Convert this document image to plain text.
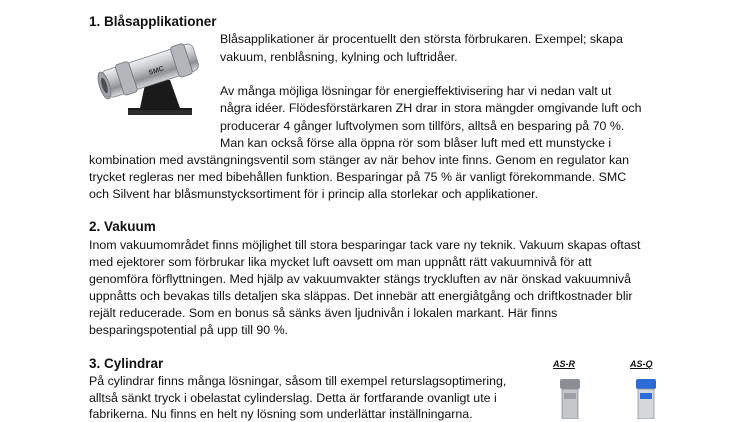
1. Blåsapplikationer
SMC
Blåsapplikationer är procentuellt den största förbrukaren. Exempel; skapa
vakuum, renblåsning, kylning och luftridåer.
Av många möjliga lösningar för energieffektivisering har vi nedan valt ut
några idéer. Flödesförstärkaren ZH drar in stora mängder omgivande luft och
producerar 4 gånger luftvolymen som tillförs, alltså en besparing på 70 %.
Man kan också förse alla öppna rör som blåser luft med ett munstycke i
kombination med avstängningsventil som stänger av när behov inte finns. Genom en regulator kan
trycket regleras ner med bibehållen funktion. Besparingar på 75 % är vanligt förekommande. SMC
och Silvent har blåsmunstycksortiment för i princip alla storlekar och applikationer.
2. Vakuum
Inom vakuumområdet finns möjlighet till stora besparingar tack vare ny teknik. Vakuum skapas oftast
med ejektorer som förbrukar lika mycket luft oavsett om man uppnått rätt vakuumnivå för att
genomföra förflyttningen. Med hjälp av vakuumvakter stängs tryckluften av när önskad vakuumnivå
uppnåtts och bevakas tills detaljen ska släppas. Det innebär att energiåtgång och driftkostnader blir
rejält reducerade. Som en bonus så sänks även ljudnivån i lokalen markant. Här finns
besparingspotential på upp till 90 %.
3. Cylindrar
På cylindrar finns många lösningar, såsom till exempel returslagsoptimering,
alltså sänkt tryck i obelastat cylinderslag. Detta är fortfarande ovanligt ute i
fabrikerna. Nu finns en helt ny lösning som underlättar inställningarna.
AS-R	AS-Q
